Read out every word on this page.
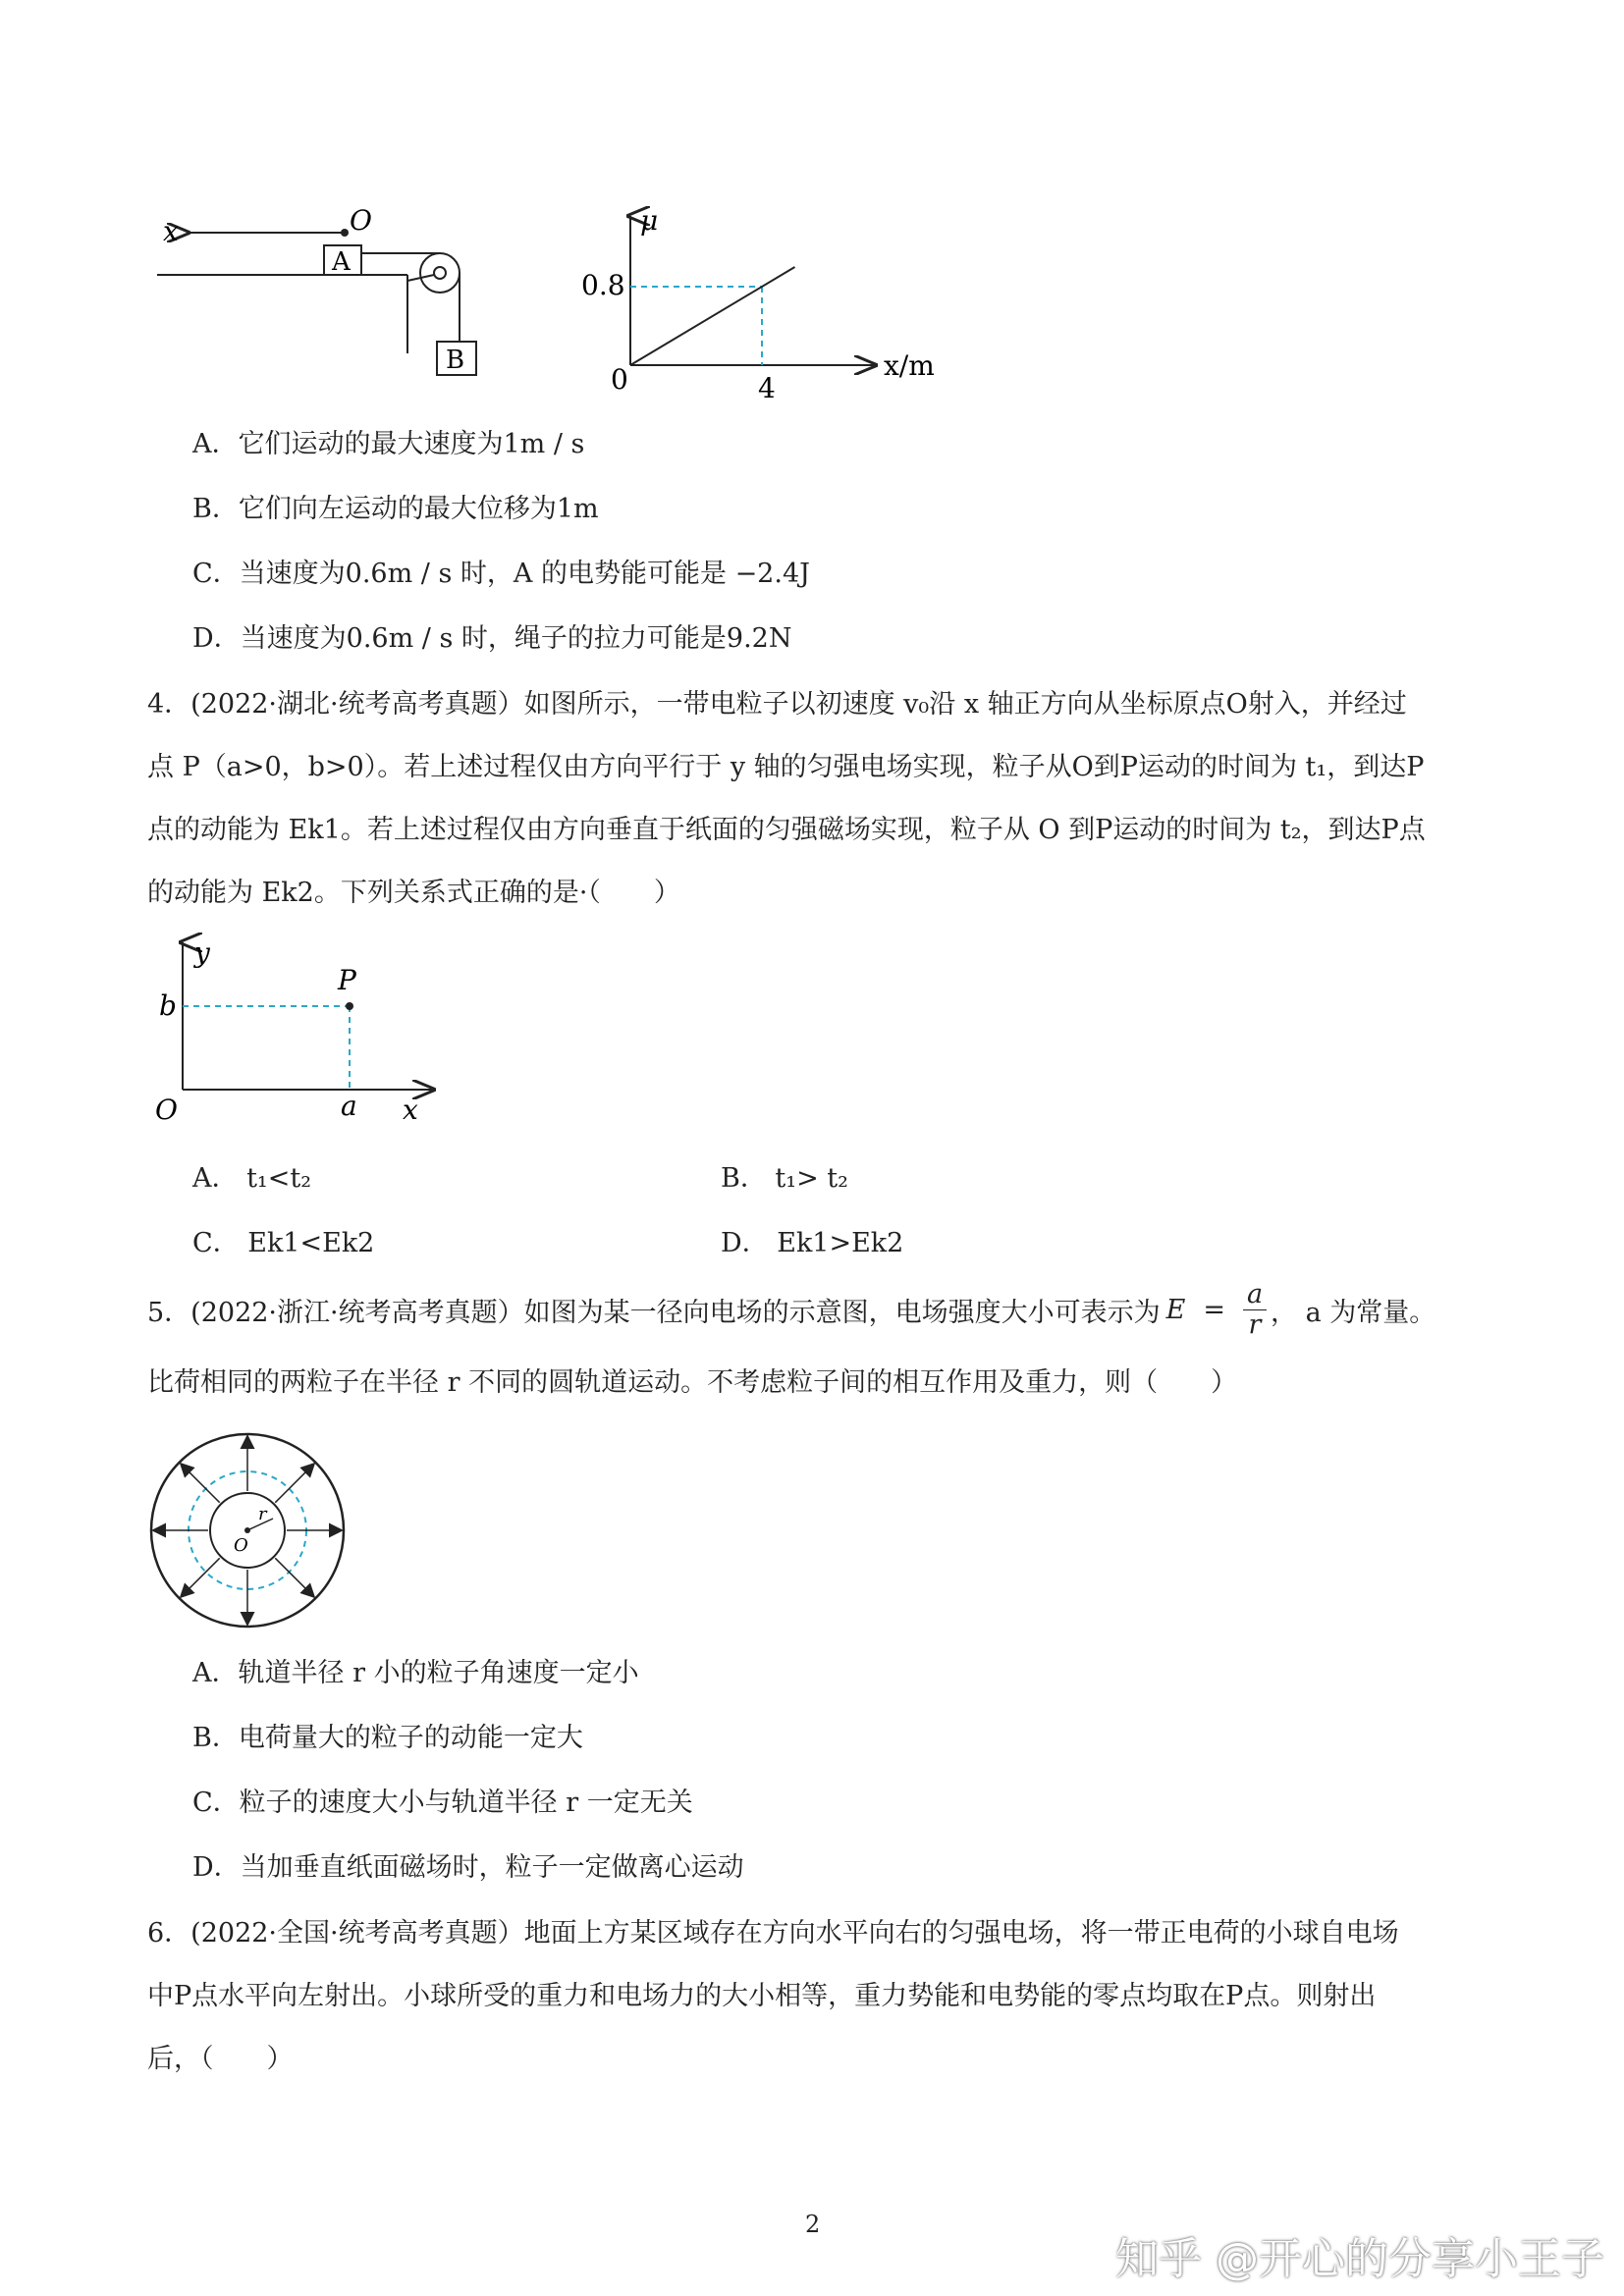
x	O
A
B
μ
x/m
0
0.8
4
A．它们运动的最大速度为1m / s
B．它们向左运动的最大位移为1m
C．当速度为0.6m / s 时，A 的电势能可能是 −2.4J
D．当速度为0.6m / s 时，绳子的拉力可能是9.2N
4．(2022·湖北·统考高考真题）如图所示，一带电粒子以初速度 v₀沿 x 轴正方向从坐标原点O射入，并经过
点 P（a>0，b>0）。若上述过程仅由方向平行于 y 轴的匀强电场实现，粒子从O到P运动的时间为 t₁，到达P
点的动能为 Ek1。若上述过程仅由方向垂直于纸面的匀强磁场实现，粒子从 O 到P运动的时间为 t₂，到达P点
的动能为 Ek2。下列关系式正确的是·（　　）
y
x
O
b
a
P
A． t₁<t₂	B． t₁> t₂
C． Ek1<Ek2	D． Ek1>Ek2
5．(2022·浙江·统考高考真题）如图为某一径向电场的示意图，电场强度大小可表示为 $E = \frac{a}{r}$ ， a 为常量。
比荷相同的两粒子在半径 r 不同的圆轨道运动。不考虑粒子间的相互作用及重力，则（　　）
r
O
A．轨道半径 r 小的粒子角速度一定小
B．电荷量大的粒子的动能一定大
C．粒子的速度大小与轨道半径 r 一定无关
D．当加垂直纸面磁场时，粒子一定做离心运动
6．(2022·全国·统考高考真题）地面上方某区域存在方向水平向右的匀强电场，将一带正电荷的小球自电场
中P点水平向左射出。小球所受的重力和电场力的大小相等，重力势能和电势能的零点均取在P点。则射出
后，（　　）
2
知乎 @开心的分享小王子
